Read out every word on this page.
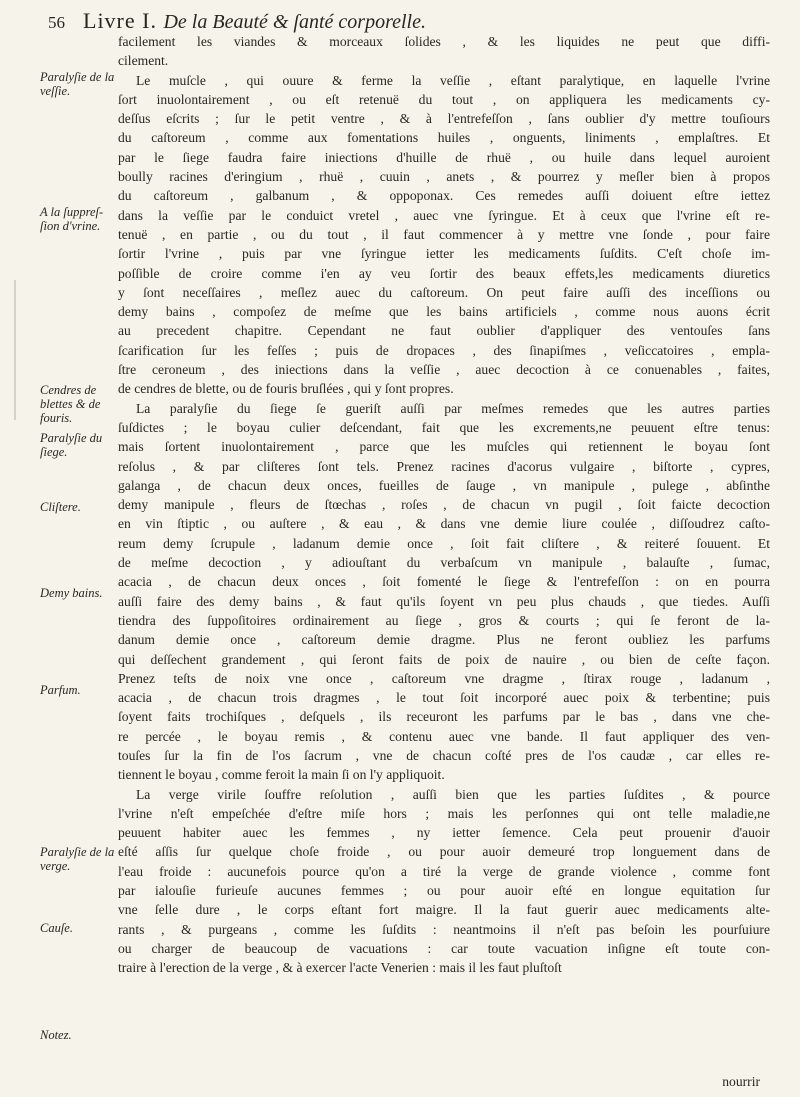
56 Livre I. De la Beauté & ſanté corporelle.
Paralyſie de la veſſie.
A la ſuppreſ- ſion d'vrine.
Cendres de blettes & de fouris.
Paralyſie du ſiege.
Cliſtere.
Demy bains.
Parfum.
Paralyſie de la verge.
Cauſe.
Notez.
facilement les viandes & morceaux ſolides , & les liquides ne peut que diffi-
cilement.
Le muſcle , qui ouure & ferme la veſſie , eſtant paralytique, en laquelle l'vrine
ſort inuolontairement , ou eſt retenuë du tout , on appliquera les medicaments cy-
deſſus eſcrits ; ſur le petit ventre , & à l'entrefeſſon , ſans oublier d'y mettre touſiours
du caſtoreum , comme aux fomentations huiles , onguents, liniments , emplaſtres. Et
par le ſiege faudra faire iniections d'huille de rhuë , ou huile dans lequel auroient
boully racines d'eringium , rhuë , cuuin , anets , & pourrez y meſler bien à propos
du caſtoreum , galbanum , & oppoponax. Ces remedes auſſi doiuent eſtre iettez
dans la veſſie par le conduict vretel , auec vne ſyringue. Et à ceux que l'vrine eſt re-
tenuë , en partie , ou du tout , il faut commencer à y mettre vne ſonde , pour faire
ſortir l'vrine , puis par vne ſyringue ietter les medicaments ſuſdits. C'eſt choſe im-
poſſible de croire comme i'en ay veu ſortir des beaux effets,les medicaments diuretics
y ſont neceſſaires , meſlez auec du caſtoreum. On peut faire auſſi des inceſſions ou
demy bains , compoſez de meſme que les bains artificiels , comme nous auons écrit
au precedent chapitre. Cependant ne faut oublier d'appliquer des ventouſes ſans
ſcarification ſur les feſſes ; puis de dropaces , des ſinapiſmes , veſiccatoires , empla-
ſtre ceroneum , des iniections dans la veſſie , auec decoction à ce conuenables , faites,
de cendres de blette, ou de fouris bruſlées , qui y ſont propres.
La paralyſie du ſiege ſe gueriſt auſſi par meſmes remedes que les autres parties
ſuſdictes ; le boyau culier deſcendant, fait que les excrements,ne peuuent eſtre tenus:
mais ſortent inuolontairement , parce que les muſcles qui retiennent le boyau ſont
reſolus , & par cliſteres ſont tels. Prenez racines d'acorus vulgaire , biſtorte , cypres,
galanga , de chacun deux onces, fueilles de ſauge , vn manipule , pulege , abſinthe
demy manipule , fleurs de ſtœchas , roſes , de chacun vn pugil , ſoit faicte decoction
en vin ſtiptic , ou auſtere , & eau , & dans vne demie liure coulée , diſſoudrez caſto-
reum demy ſcrupule , ladanum demie once , ſoit fait cliſtere , & reiteré ſouuent. Et
de meſme decoction , y adiouſtant du verbaſcum vn manipule , balauſte , ſumac,
acacia , de chacun deux onces , ſoit fomenté le ſiege & l'entrefeſſon : on en pourra
auſſi faire des demy bains , & faut qu'ils ſoyent vn peu plus chauds , que tiedes. Auſſi
tiendra des ſuppoſitoires ordinairement au ſiege , gros & courts ; qui ſe feront de la-
danum demie once , caſtoreum demie dragme. Plus ne feront oubliez les parfums
qui deſſechent grandement , qui ſeront faits de poix de nauire , ou bien de ceſte façon.
Prenez teſts de noix vne once , caſtoreum vne dragme , ſtirax rouge , ladanum ,
acacia , de chacun trois dragmes , le tout ſoit incorporé auec poix & terbentine; puis
ſoyent faits trochiſques , deſquels , ils receuront les parfums par le bas , dans vne che-
re percée , le boyau remis , & contenu auec vne bande. Il faut appliquer des ven-
touſes ſur la fin de l'os ſacrum , vne de chacun coſté pres de l'os caudæ , car elles re-
tiennent le boyau , comme feroit la main ſi on l'y appliquoit.
La verge virile ſouffre reſolution , auſſi bien que les parties ſuſdites , & pource
l'vrine n'eſt empeſchée d'eſtre miſe hors ; mais les perſonnes qui ont telle maladie,ne
peuuent habiter auec les femmes , ny ietter ſemence. Cela peut prouenir d'auoir
eſté aſſis ſur quelque choſe froide , ou pour auoir demeuré trop longuement dans de
l'eau froide : aucunefois pource qu'on a tiré la verge de grande violence , comme font
par ialouſie furieuſe aucunes femmes ; ou pour auoir eſté en longue equitation ſur
vne ſelle dure , le corps eſtant fort maigre. Il la faut guerir auec medicaments alte-
rants , & purgeans , comme les ſuſdits : neantmoins il n'eſt pas beſoin les pourſuiure
ou charger de beaucoup de vacuations : car toute vacuation inſigne eſt toute con-
traire à l'erection de la verge , & à exercer l'acte Venerien : mais il les faut pluſtoſt
nourrir
